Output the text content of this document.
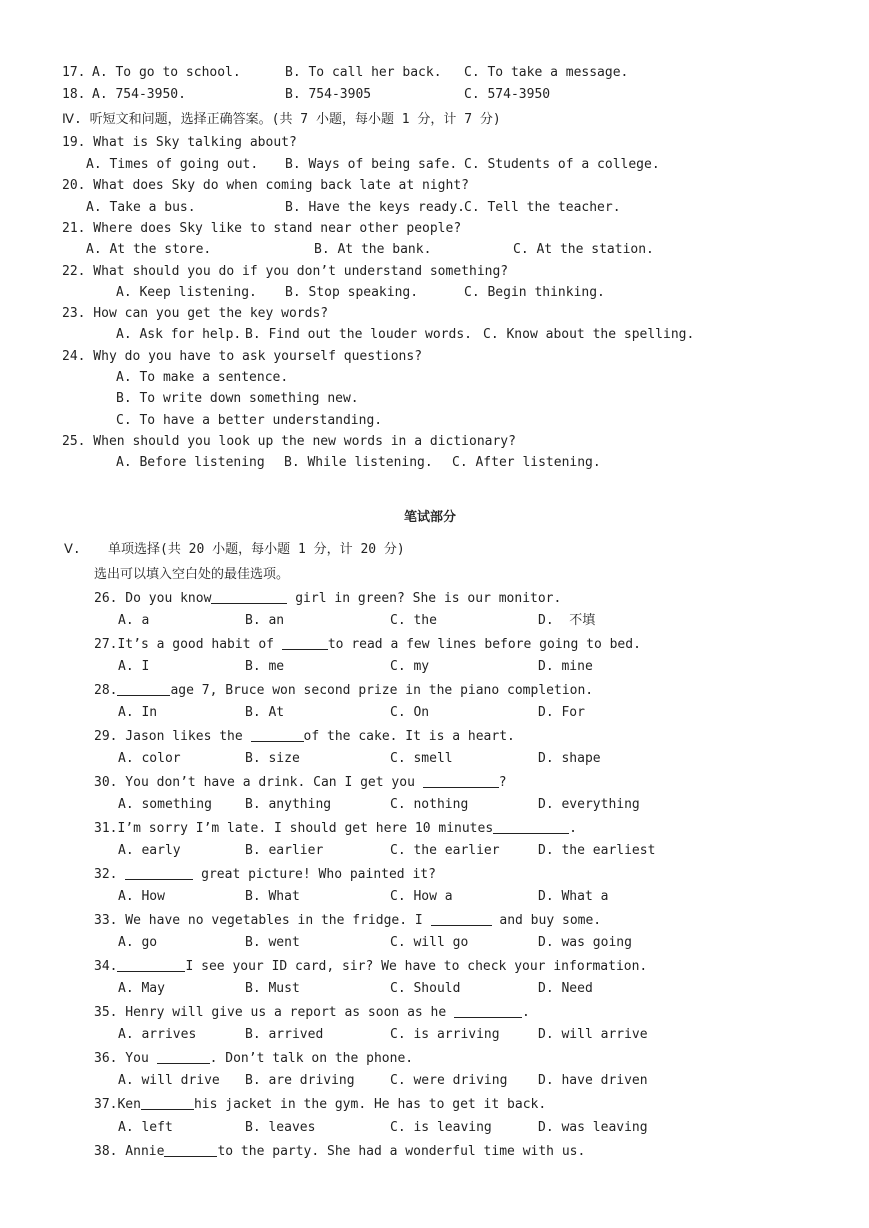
17. A. To go to school.	B. To call her back. C. To take a message.
18. A. 754-3950.	B. 754-3905	C. 574-3950
Ⅳ. 听短文和问题，选择正确答案。(共 7 小题，每小题 1 分，计 7 分)
19. What is Sky talking about?
A. Times of going out. B. Ways of being safe. C. Students of a college.
20. What does Sky do when coming back late at night?
A. Take a bus.	B. Have the keys ready.
C. Tell the teacher.
21. Where does Sky like to stand near other people?
A. At the store.	B. At the bank.	C. At the station.
22. What should you do if you don’t understand something?
A. Keep listening. B. Stop speaking.	C. Begin thinking.
23. How can you get the key words?
A. Ask for help. B. Find out the louder words. C. Know about the spelling.
24. Why do you have to ask yourself questions?
A. To make a sentence.
B. To write down something new.
C. To have a better understanding.
25. When should you look up the new words in a dictionary?
A. Before listening B. While listening. C. After listening.
笔试部分
Ⅴ. 单项选择(共 20 小题，每小题 1 分，计 20 分)
选出可以填入空白处的最佳选项。
26. Do you know	girl in green? She is our monitor.
A. a	B. an	C. the	D.  不填
27.It’s a good habit of	to read a few lines before going to bed.
A. I	B. me	C. my	D. mine
28.	age 7, Bruce won second prize in the piano completion.
A. In	B. At	C. On	D. For
29. Jason likes the	of the cake. It is a heart.
A. color	B. size	C. smell	D. shape
30. You don’t have a drink. Can I get you	?
A. something	B. anything	C. nothing	D. everything
31.I’m sorry I’m late. I should get here 10 minutes	.
A. early	B. earlier	C. the earlier	D. the earliest
32.	great picture! Who painted it?
A. How	B. What	C. How a	D. What a
33. We have no vegetables in the fridge. I	and buy some.
A. go	B. went	C. will go	D. was going
34.	I see your ID card, sir? We have to check your information.
A. May	B. Must	C. Should	D. Need
35. Henry will give us a report as soon as he	.
A. arrives	B. arrived	C. is arriving	D. will arrive
36. You	. Don’t talk on the phone.
A. will drive B. are driving	C. were driving D. have driven
37.Ken	his jacket in the gym. He has to get it back.
A. left	B. leaves	C. is leaving	D. was leaving
38. Annie	to the party. She had a wonderful time with us.
